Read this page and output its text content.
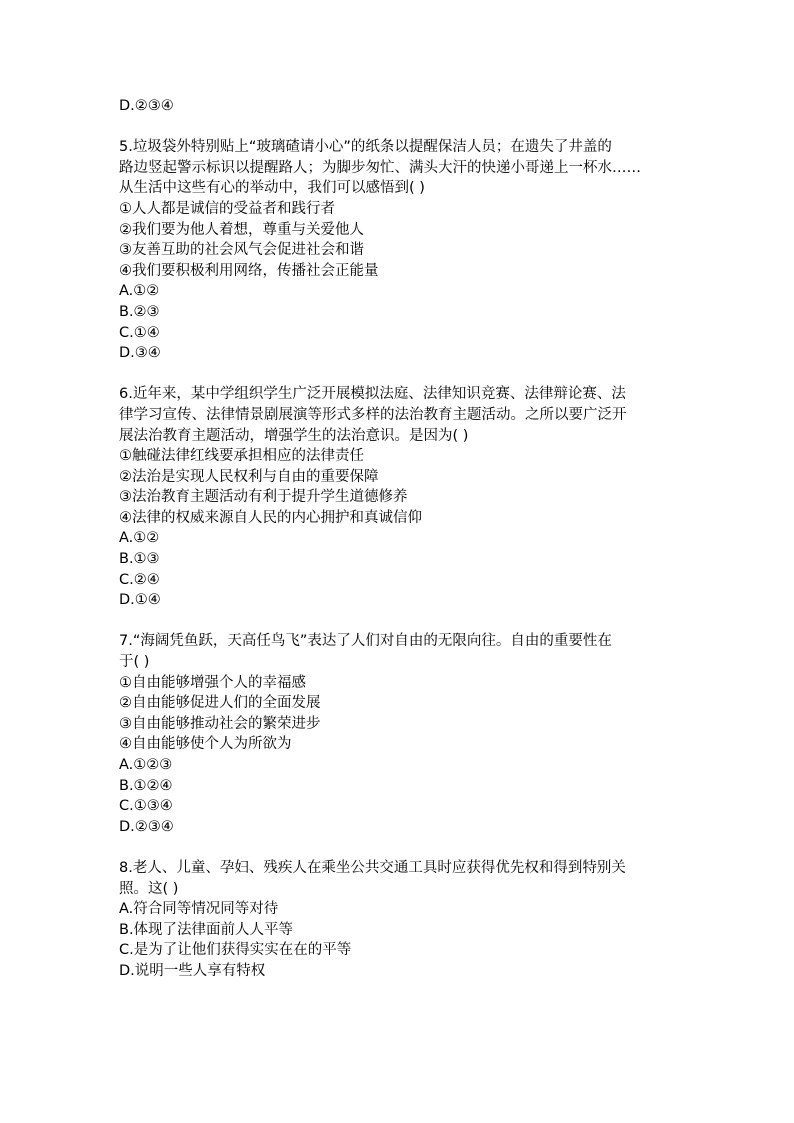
D.②③④
5.垃圾袋外特别贴上“玻璃碴请小心”的纸条以提醒保洁人员；在遗失了井盖的
路边竖起警示标识以提醒路人；为脚步匆忙、满头大汗的快递小哥递上一杯水……
从生活中这些有心的举动中，我们可以感悟到( )
①人人都是诚信的受益者和践行者
②我们要为他人着想，尊重与关爱他人
③友善互助的社会风气会促进社会和谐
④我们要积极利用网络，传播社会正能量
A.①②
B.②③
C.①④
D.③④
6.近年来，某中学组织学生广泛开展模拟法庭、法律知识竞赛、法律辩论赛、法
律学习宣传、法律情景剧展演等形式多样的法治教育主题活动。之所以要广泛开
展法治教育主题活动，增强学生的法治意识。是因为( )
①触碰法律红线要承担相应的法律责任
②法治是实现人民权利与自由的重要保障
③法治教育主题活动有利于提升学生道德修养
④法律的权威来源自人民的内心拥护和真诚信仰
A.①②
B.①③
C.②④
D.①④
7.“海阔凭鱼跃，天高任鸟飞”表达了人们对自由的无限向往。自由的重要性在
于( )
①自由能够增强个人的幸福感
②自由能够促进人们的全面发展
③自由能够推动社会的繁荣进步
④自由能够使个人为所欲为
A.①②③
B.①②④
C.①③④
D.②③④
8.老人、儿童、孕妇、残疾人在乘坐公共交通工具时应获得优先权和得到特别关
照。这( )
A.符合同等情况同等对待
B.体现了法律面前人人平等
C.是为了让他们获得实实在在的平等
D.说明一些人享有特权
